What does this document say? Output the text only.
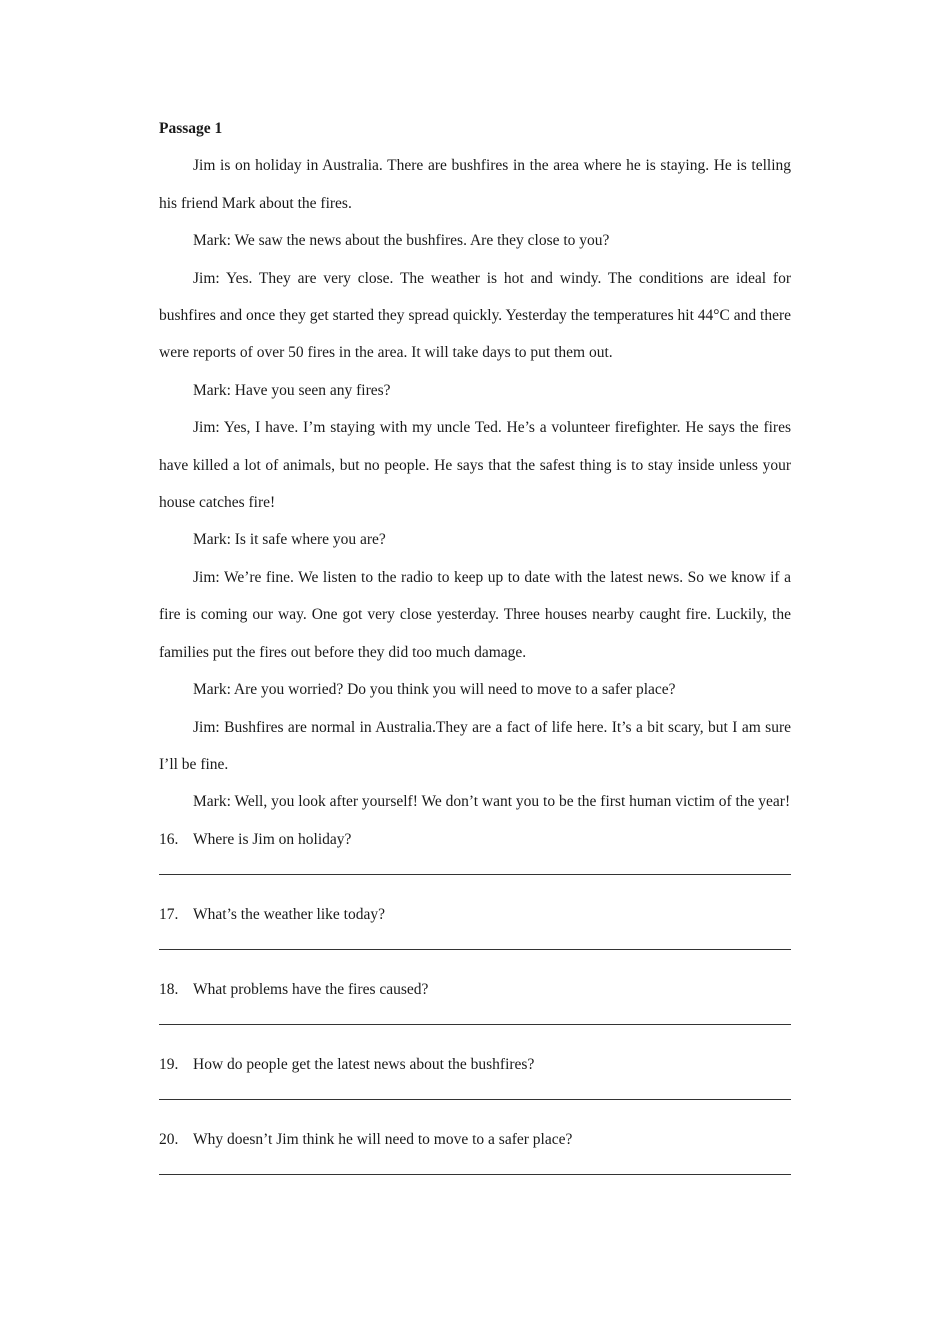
Passage 1

Jim is on holiday in Australia. There are bushfires in the area where he is staying. He is telling his friend Mark about the fires.

Mark: We saw the news about the bushfires. Are they close to you?

Jim: Yes. They are very close. The weather is hot and windy. The conditions are ideal for bushfires and once they get started they spread quickly. Yesterday the temperatures hit 44°C and there were reports of over 50 fires in the area. It will take days to put them out.

Mark: Have you seen any fires?

Jim: Yes, I have. I’m staying with my uncle Ted. He’s a volunteer firefighter. He says the fires have killed a lot of animals, but no people. He says that the safest thing is to stay inside unless your house catches fire!

Mark: Is it safe where you are?

Jim: We’re fine. We listen to the radio to keep up to date with the latest news. So we know if a fire is coming our way. One got very close yesterday. Three houses nearby caught fire. Luckily, the families put the fires out before they did too much damage.

Mark: Are you worried? Do you think you will need to move to a safer place?

Jim: Bushfires are normal in Australia.They are a fact of life here. It’s a bit scary, but I am sure I’ll be fine.

Mark: Well, you look after yourself! We don’t want you to be the first human victim of the year!

16. Where is Jim on holiday?

17. What’s the weather like today?

18. What problems have the fires caused?

19. How do people get the latest news about the bushfires?

20. Why doesn’t Jim think he will need to move to a safer place?
